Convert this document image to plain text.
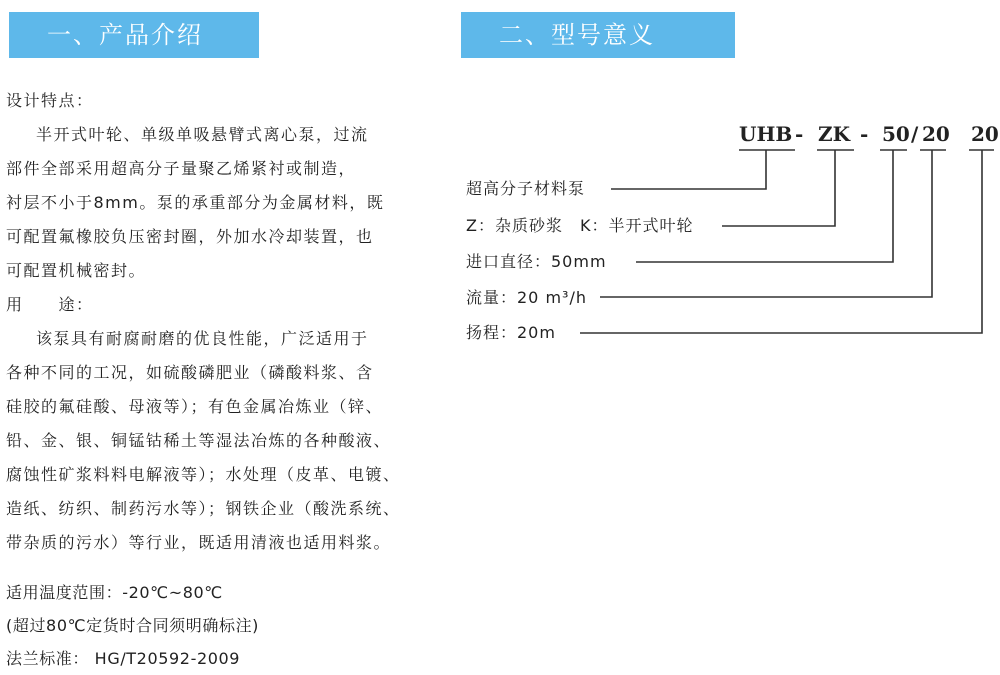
一、产品介绍	二、型号意义

设计特点：

半开式叶轮、单级单吸悬臂式离心泵，过流

部件全部采用超高分子量聚乙烯紧衬或制造，

衬层不小于8mm。泵的承重部分为金属材料，既

可配置氟橡胶负压密封圈，外加水冷却装置，也

可配置机械密封。

用　　途：

该泵具有耐腐耐磨的优良性能，广泛适用于

各种不同的工况，如硫酸磷肥业（磷酸料浆、含

硅胶的氟硅酸、母液等）；有色金属冶炼业（锌、

铅、金、银、铜锰钴稀土等湿法冶炼的各种酸液、

腐蚀性矿浆料料电解液等）；水处理（皮革、电镀、

造纸、纺织、制药污水等）；钢铁企业（酸洗系统、

带杂质的污水）等行业，既适用清液也适用料浆。

适用温度范围：-20℃~80℃

(超过80℃定货时合同须明确标注)

法兰标准： HG/T20592-2009

UHB - ZK - 50 / 20 20
超高分子材料泵
Z：杂质砂浆　K：半开式叶轮
进口直径：50mm
流量：20 m³/h
扬程：20m
